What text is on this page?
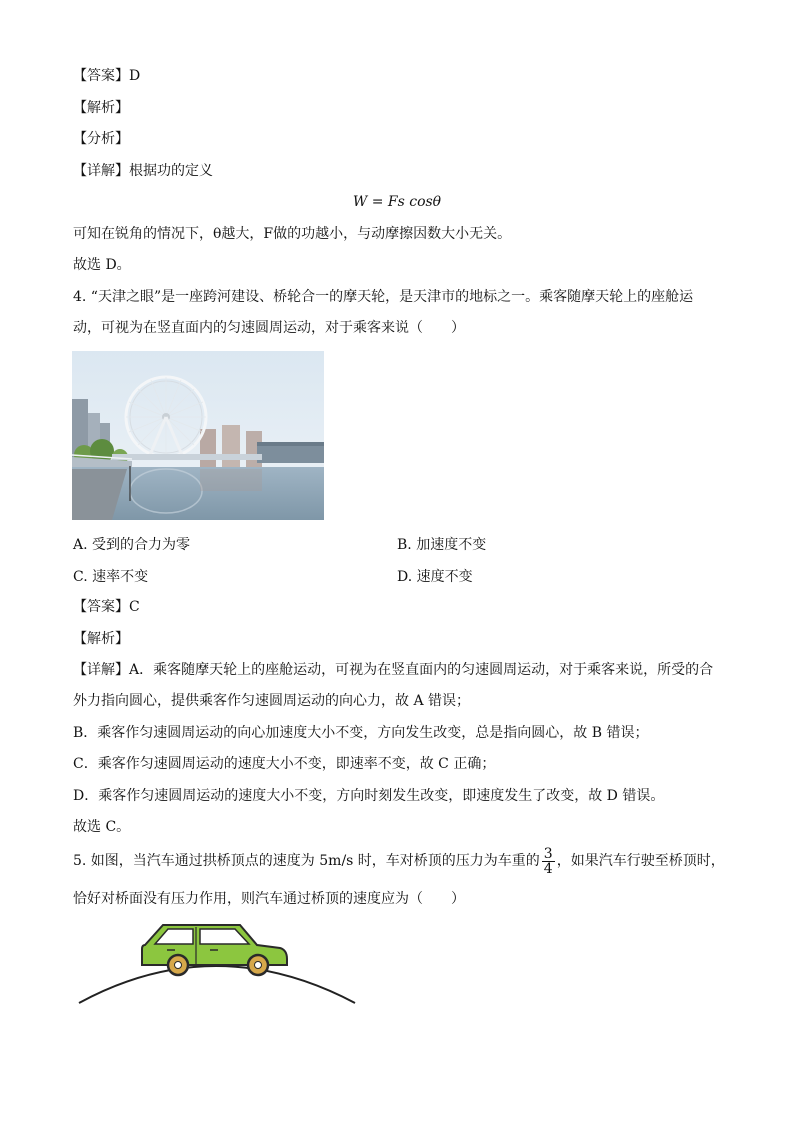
【答案】D
【解析】
【分析】
【详解】根据功的定义
W = Fs cosθ
可知在锐角的情况下，θ越大，F做的功越小，与动摩擦因数大小无关。
故选 D。
4. “天津之眼”是一座跨河建设、桥轮合一的摩天轮，是天津市的地标之一。乘客随摩天轮上的座舱运
动，可视为在竖直面内的匀速圆周运动，对于乘客来说（　　）
A. 受到的合力为零	B. 加速度不变
C. 速率不变	D. 速度不变
【答案】C
【解析】
【详解】A．乘客随摩天轮上的座舱运动，可视为在竖直面内的匀速圆周运动，对于乘客来说，所受的合
外力指向圆心，提供乘客作匀速圆周运动的向心力，故 A 错误；
B．乘客作匀速圆周运动的向心加速度大小不变，方向发生改变，总是指向圆心，故 B 错误；
C．乘客作匀速圆周运动的速度大小不变，即速率不变，故 C 正确；
D．乘客作匀速圆周运动的速度大小不变，方向时刻发生改变，即速度发生了改变，故 D 错误。
故选 C。
5. 如图，当汽车通过拱桥顶点的速度为 5m/s 时，车对桥顶的压力为车重的 $\frac{3}{4}$ ，如果汽车行驶至桥顶时，
恰好对桥面没有压力作用，则汽车通过桥顶的速度应为（　　）
